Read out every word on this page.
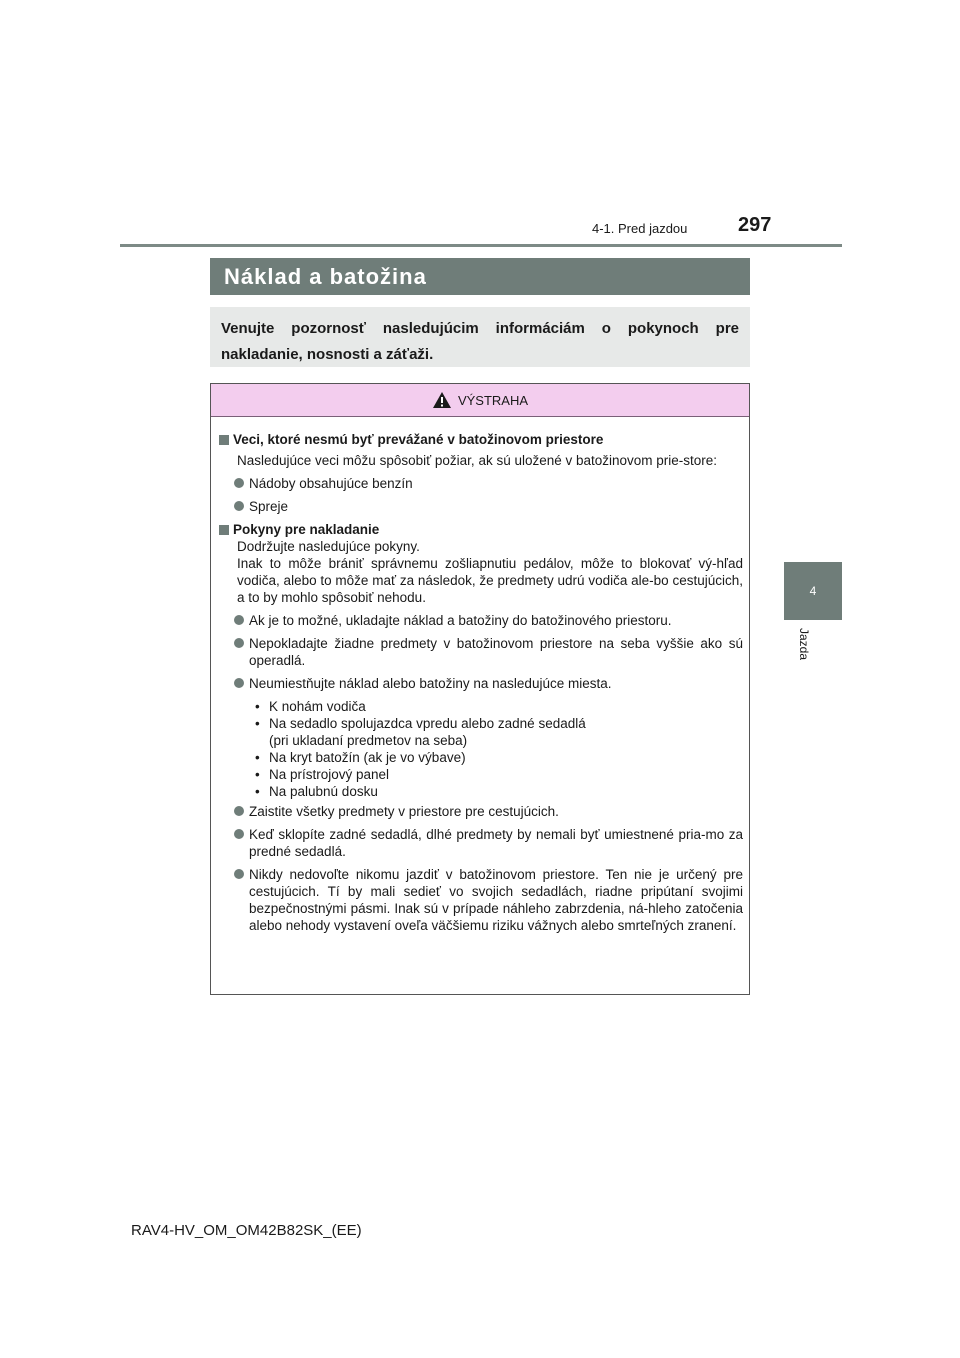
297
4-1. Pred jazdou
4
Jazda
Náklad a batožina
Venujte pozornosť nasledujúcim informáciám o pokynoch pre nakladanie, nosnosti a záťaži.
VÝSTRAHA
Veci, ktoré nesmú byť prevážané v batožinovom priestore
Nasledujúce veci môžu spôsobiť požiar, ak sú uložené v batožinovom prie-store:
Nádoby obsahujúce benzín
Spreje
Pokyny pre nakladanie
Dodržujte nasledujúce pokyny.
Inak to môže brániť správnemu zošliapnutiu pedálov, môže to blokovať vý-hľad vodiča, alebo to môže mať za následok, že predmety udrú vodiča ale-bo cestujúcich, a to by mohlo spôsobiť nehodu.
Ak je to možné, ukladajte náklad a batožiny do batožinového priestoru.
Nepokladajte žiadne predmety v batožinovom priestore na seba vyššie ako sú operadlá.
Neumiestňujte náklad alebo batožiny na nasledujúce miesta.
• K nohám vodiča
• Na sedadlo spolujazdca vpredu alebo zadné sedadlá
(pri ukladaní predmetov na seba)
• Na kryt batožín (ak je vo výbave)
• Na prístrojový panel
• Na palubnú dosku
Zaistite všetky predmety v priestore pre cestujúcich.
Keď sklopíte zadné sedadlá, dlhé predmety by nemali byť umiestnené pria-mo za predné sedadlá.
Nikdy nedovoľte nikomu jazdiť v batožinovom priestore. Ten nie je určený pre cestujúcich. Tí by mali sedieť vo svojich sedadlách, riadne pripútaní svojimi bezpečnostnými pásmi. Inak sú v prípade náhleho zabrzdenia, ná-hleho zatočenia alebo nehody vystavení oveľa väčšiemu riziku vážnych alebo smrteľných zranení.
RAV4-HV_OM_OM42B82SK_(EE)
